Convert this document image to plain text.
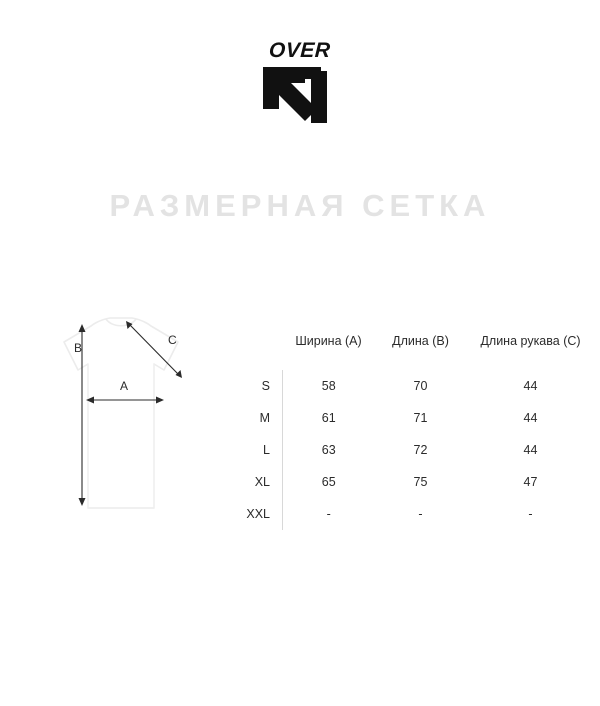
OVER
РАЗМЕРНАЯ СЕТКА
B
A
C
		Ширина (A)	Длина (B)	Длина рукава (C)
S	58	70	44
M	61	71	44
L	63	72	44
XL	65	75	47
XXL	-	-	-
